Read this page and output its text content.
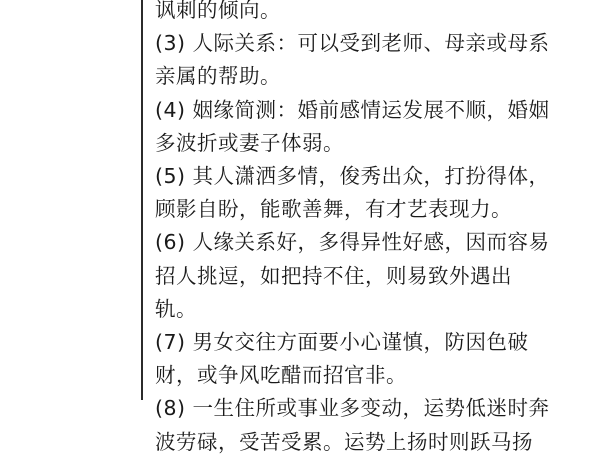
讽刺的倾向。
(3) 人际关系：可以受到老师、母亲或母系
亲属的帮助。
(4) 姻缘简测：婚前感情运发展不顺，婚姻
多波折或妻子体弱。
(5) 其人潇洒多情，俊秀出众，打扮得体，
顾影自盼，能歌善舞，有才艺表现力。
(6) 人缘关系好，多得异性好感，因而容易
招人挑逗，如把持不住，则易致外遇出
轨。
(7) 男女交往方面要小心谨慎，防因色破
财，或争风吃醋而招官非。
(8) 一生住所或事业多变动，运势低迷时奔
波劳碌，受苦受累。运势上扬时则跃马扬
